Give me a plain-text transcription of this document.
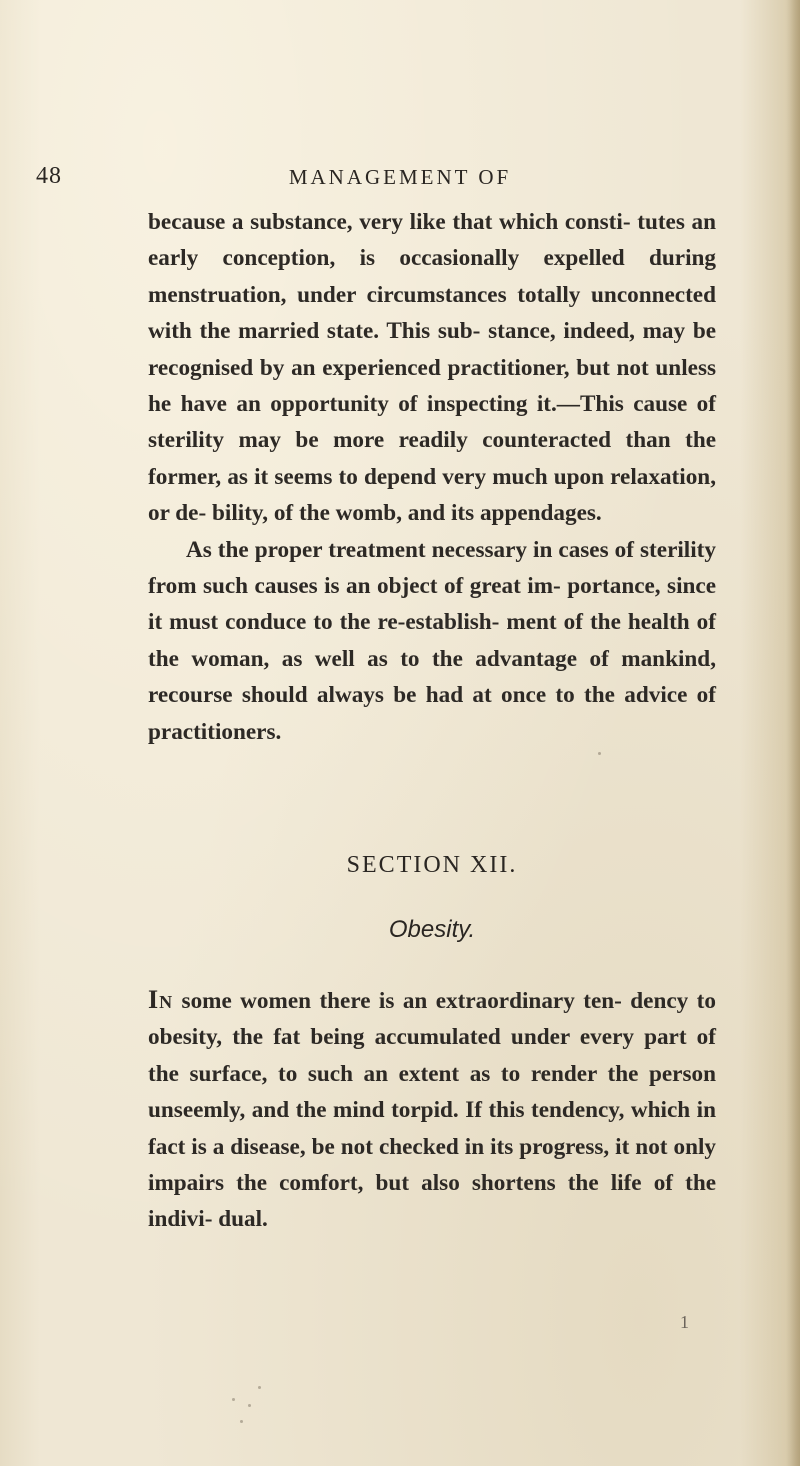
48	MANAGEMENT OF

because a substance, very like that which consti- tutes an early conception, is occasionally expelled during menstruation, under circumstances totally unconnected with the married state. This sub- stance, indeed, may be recognised by an experienced practitioner, but not unless he have an opportunity of inspecting it.—This cause of sterility may be more readily counteracted than the former, as it seems to depend very much upon relaxation, or de- bility, of the womb, and its appendages.

As the proper treatment necessary in cases of sterility from such causes is an object of great im- portance, since it must conduce to the re-establish- ment of the health of the woman, as well as to the advantage of mankind, recourse should always be had at once to the advice of practitioners.

SECTION XII.
Obesity.

In some women there is an extraordinary ten- dency to obesity, the fat being accumulated under every part of the surface, to such an extent as to render the person unseemly, and the mind torpid. If this tendency, which in fact is a disease, be not checked in its progress, it not only impairs the comfort, but also shortens the life of the indivi- dual.

1
